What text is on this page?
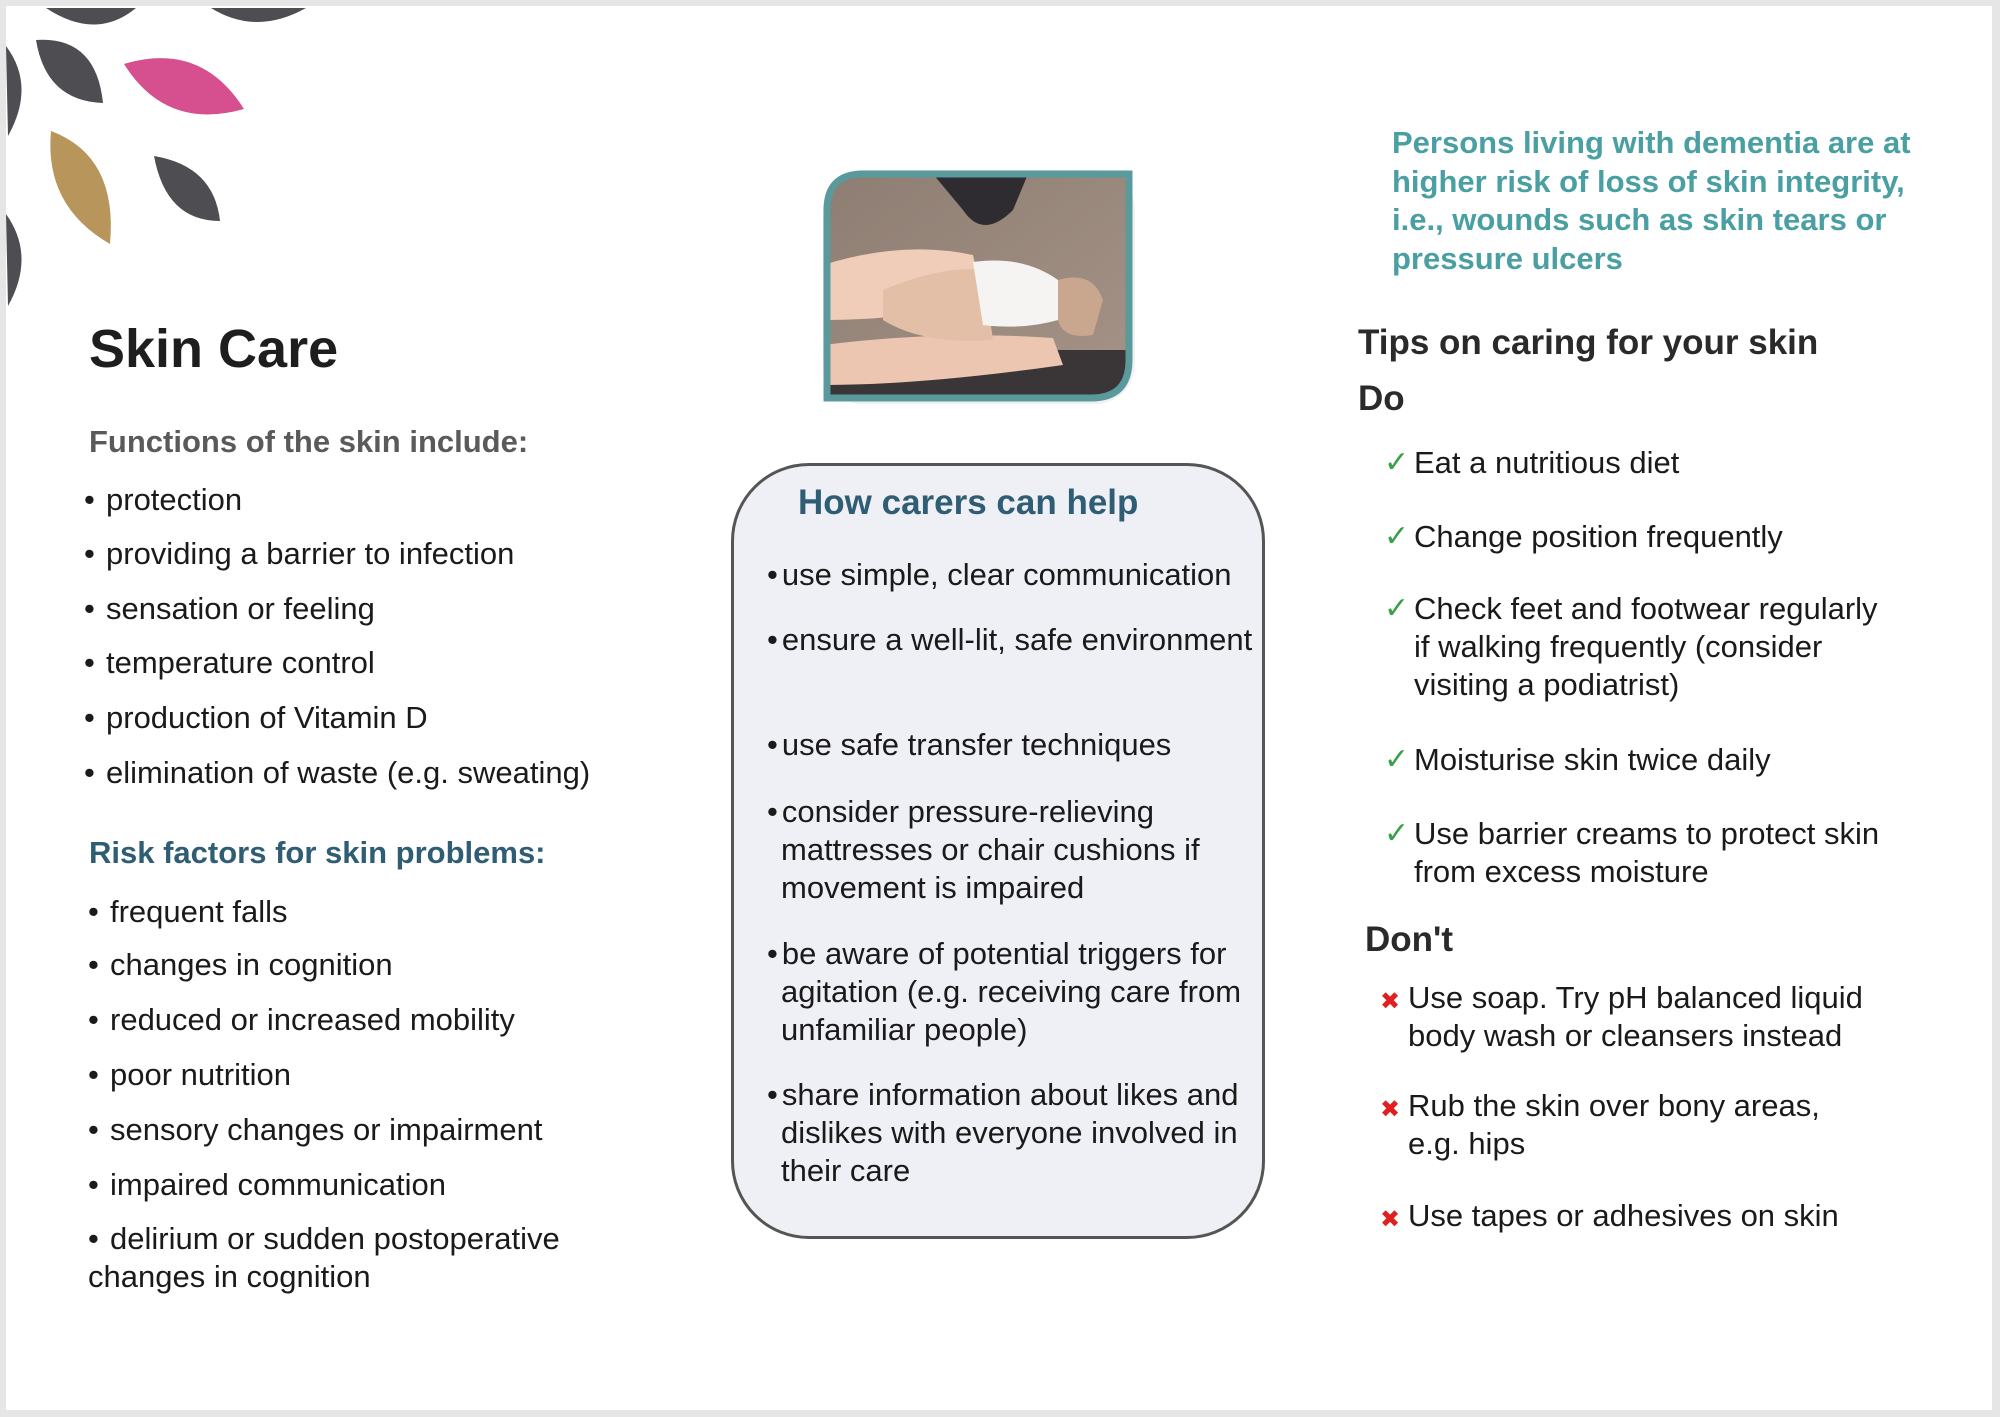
Skin Care
Functions of the skin include:
Risk factors for skin problems:
How carers can help
Persons living with dementia are at higher risk of loss of skin integrity, i.e., wounds such as skin tears or pressure ulcers
Tips on caring for your skin
Do
Don't
• protection
• providing a barrier to infection
• sensation or feeling
• temperature control
• production of Vitamin D
• elimination of waste (e.g. sweating)
• frequent falls
• changes in cognition
• reduced or increased mobility
• poor nutrition
• sensory changes or impairment
• impaired communication
• delirium or sudden postoperative changes in cognition
• use simple, clear communication
• ensure a well-lit, safe environment
• use safe transfer techniques
• consider pressure-relieving mattresses or chair cushions if movement is impaired
• be aware of potential triggers for agitation (e.g. receiving care from unfamiliar people)
• share information about likes and dislikes with everyone involved in their care
✓ Eat a nutritious diet
✓ Change position frequently
✓ Check feet and footwear regularly if walking frequently (consider visiting a podiatrist)
✓ Moisturise skin twice daily
✓ Use barrier creams to protect skin from excess moisture
✖ Use soap. Try pH balanced liquid body wash or cleansers instead
✖ Rub the skin over bony areas, e.g. hips
✖ Use tapes or adhesives on skin
